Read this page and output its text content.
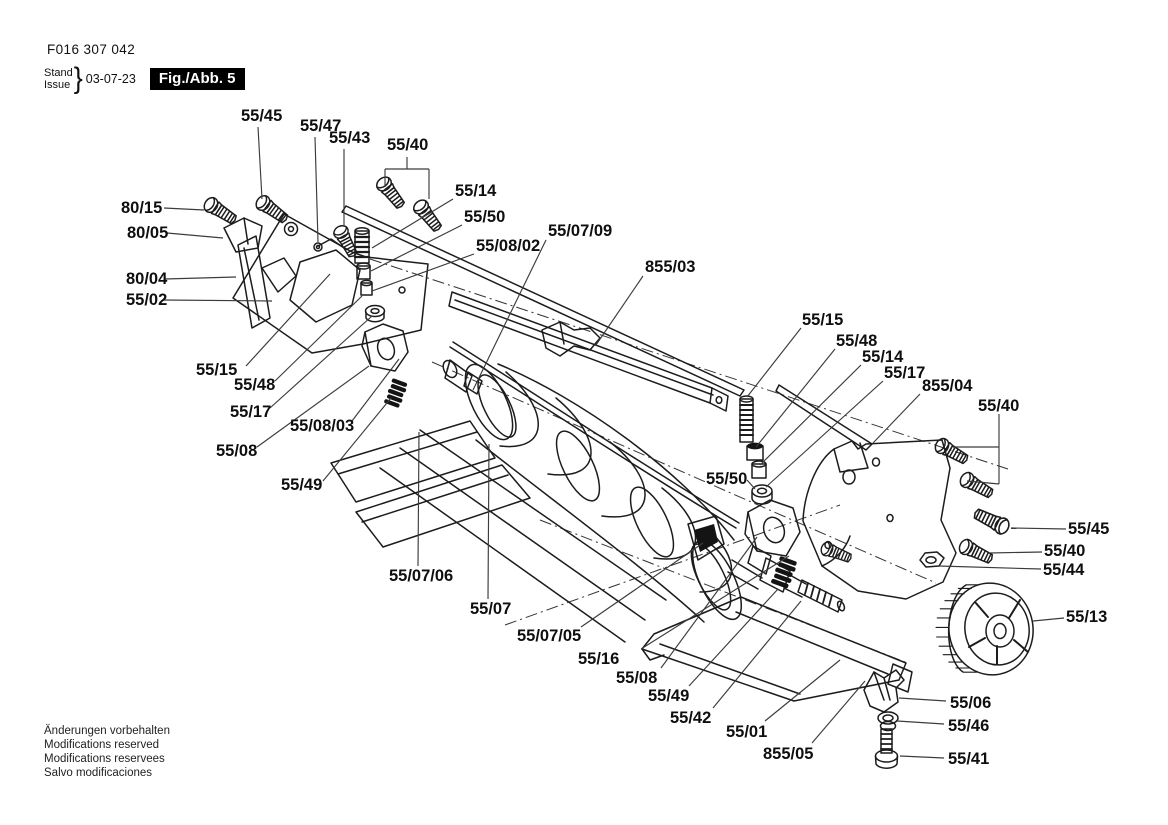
F016 307 042
Stand
Issue } 03-07-23	Fig./Abb. 5
55/45
55/47
55/43 55/40
55/14
55/50
55/08/02
55/07/09
855/03
80/15
80/05
80/04
55/02
55/15
55/48
55/17
55/08/03
55/08
55/49
55/15
55/48
55/14
55/17
855/04
55/40
55/50
55/45
55/40
55/44
55/13
55/07/06
55/07
55/07/05
55/16
55/08
55/49
55/42
55/01
855/05
55/06
55/46
55/41
Änderungen vorbehalten
Modifications reserved
Modifications reservees
Salvo modificaciones
